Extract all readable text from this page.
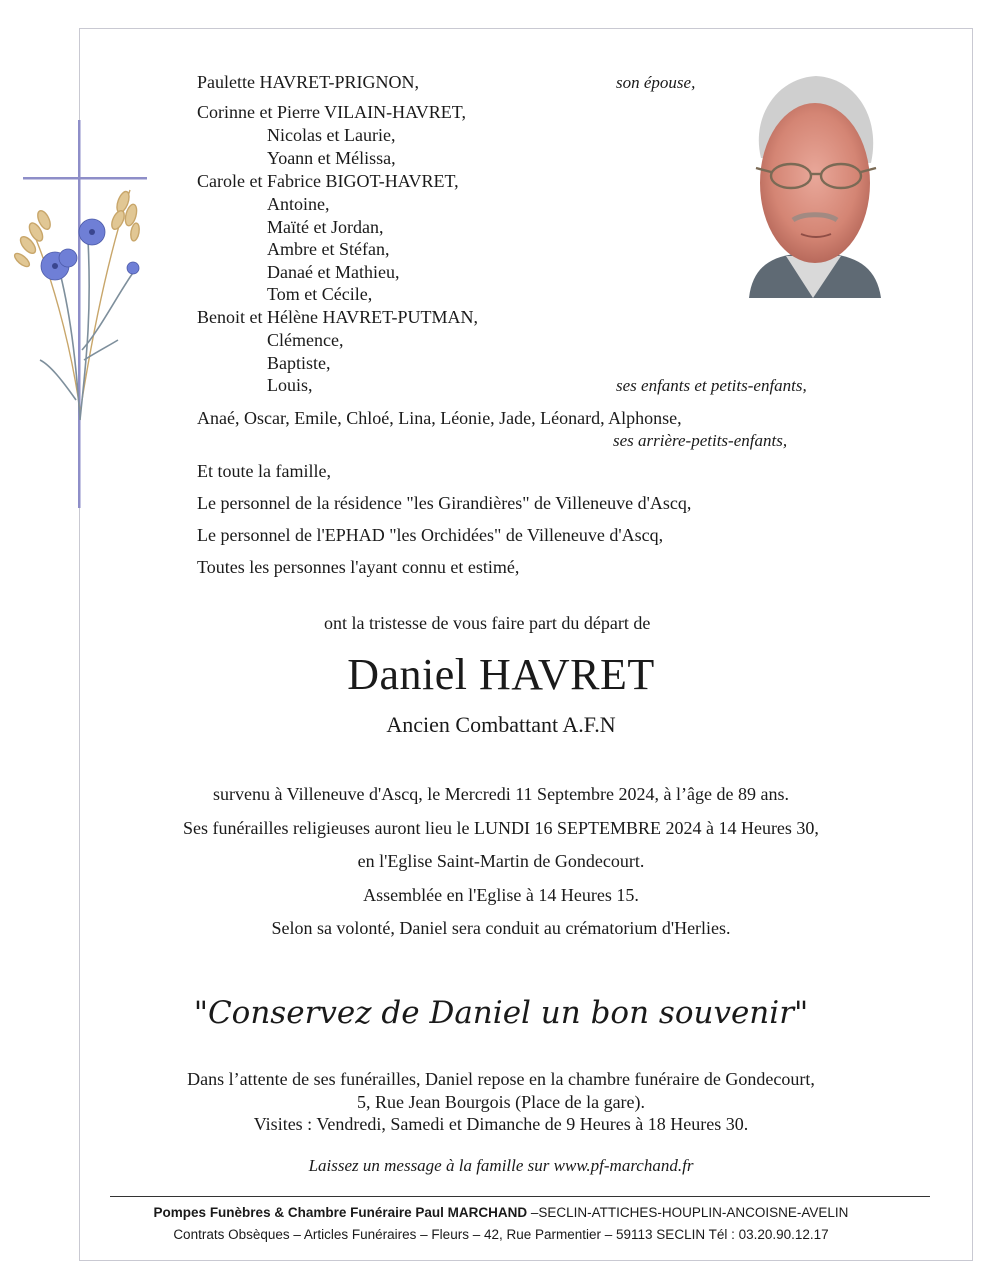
Paulette HAVRET-PRIGNON,	son épouse,
Corinne et Pierre VILAIN-HAVRET,
Nicolas et Laurie,
Yoann et Mélissa,
Carole et Fabrice BIGOT-HAVRET,
Antoine,
Maïté et Jordan,
Ambre et Stéfan,
Danaé et Mathieu,
Tom et Cécile,
Benoit et Hélène HAVRET-PUTMAN,
Clémence,
Baptiste,
Louis,	ses enfants et petits-enfants,
Anaé, Oscar, Emile, Chloé, Lina, Léonie, Jade, Léonard, Alphonse,
ses arrière-petits-enfants,
Et toute la famille,
Le personnel de la résidence "les Girandières" de Villeneuve d'Ascq,
Le personnel de l'EPHAD "les Orchidées" de Villeneuve d'Ascq,
Toutes les personnes l'ayant connu et estimé,
ont la tristesse de vous faire part du départ de
Daniel HAVRET
Ancien Combattant A.F.N
survenu à Villeneuve d'Ascq, le Mercredi 11 Septembre 2024, à l’âge de 89 ans.
Ses funérailles religieuses auront lieu le LUNDI 16 SEPTEMBRE 2024 à 14 Heures 30,
en l'Eglise Saint-Martin de Gondecourt.
Assemblée en l'Eglise à 14 Heures 15.
Selon sa volonté, Daniel sera conduit au crématorium d'Herlies.
"Conservez de Daniel un bon souvenir"
Dans l’attente de ses funérailles, Daniel repose en la chambre funéraire de Gondecourt,
5, Rue Jean Bourgois (Place de la gare).
Visites : Vendredi, Samedi et Dimanche de 9 Heures à 18 Heures 30.
Laissez un message à la famille sur www.pf-marchand.fr
Pompes Funèbres & Chambre Funéraire Paul MARCHAND –SECLIN-ATTICHES-HOUPLIN-ANCOISNE-AVELIN
Contrats Obsèques – Articles Funéraires – Fleurs – 42, Rue Parmentier – 59113 SECLIN Tél : 03.20.90.12.17
